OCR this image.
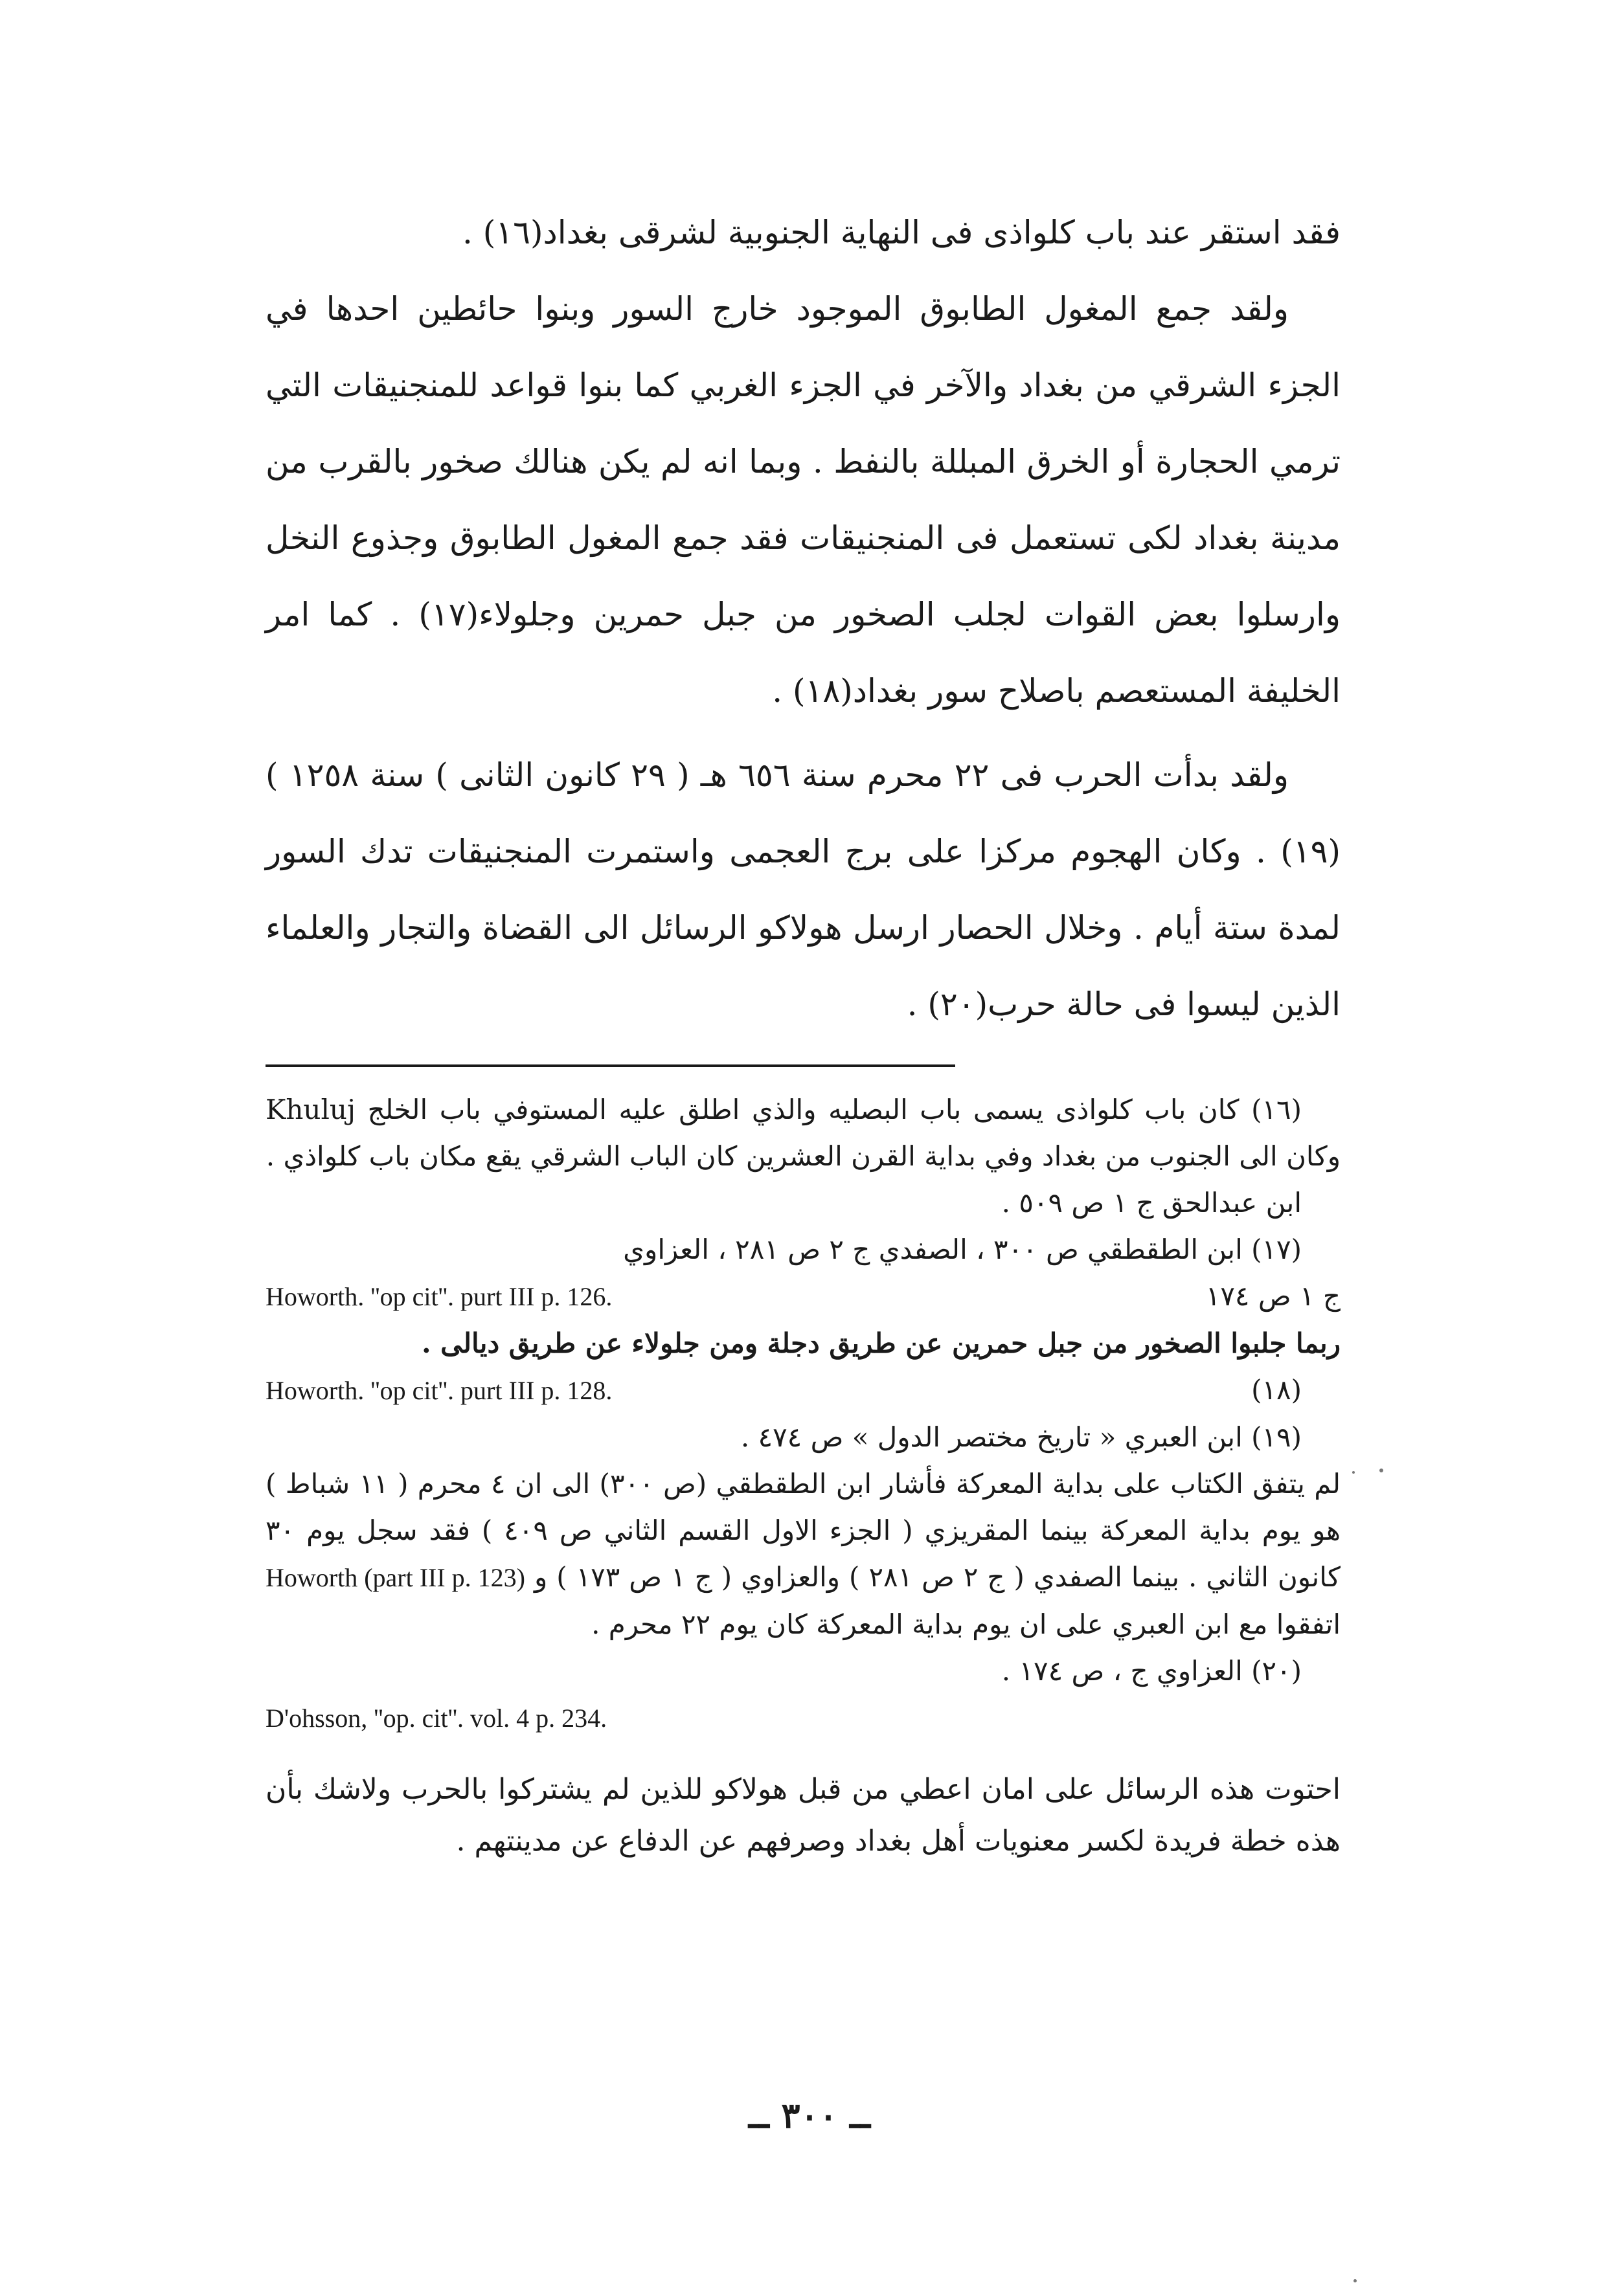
فقد استقر عند باب كلواذى فى النهاية الجنوبية لشرقى بغداد(١٦) .

ولقد جمع المغول الطابوق الموجود خارج السور وبنوا حائطين احدها في الجزء الشرقي من بغداد والآخر في الجزء الغربي كما بنوا قواعد للمنجنيقات التي ترمي الحجارة أو الخرق المبللة بالنفط . وبما انه لم يكن هنالك صخور بالقرب من مدينة بغداد لكى تستعمل فى المنجنيقات فقد جمع المغول الطابوق وجذوع النخل وارسلوا بعض القوات لجلب الصخور من جبل حمرين وجلولاء(١٧) . كما امر الخليفة المستعصم باصلاح سور بغداد(١٨) .

ولقد بدأت الحرب فى ٢٢ محرم سنة ٦٥٦ هـ ( ٢٩ كانون الثانى ) سنة ١٢٥٨ )(١٩) . وكان الهجوم مركزا على برج العجمى واستمرت المنجنيقات تدك السور لمدة ستة أيام . وخلال الحصار ارسل هولاكو الرسائل الى القضاة والتجار والعلماء الذين ليسوا فى حالة حرب(٢٠) .

(١٦) كان باب كلواذى يسمى باب البصليه والذي اطلق عليه المستوفي باب الخلج Khuluj وكان الى الجنوب من بغداد وفي بداية القرن العشرين كان الباب الشرقي يقع مكان باب كلواذي .

ابن عبدالحق ج ١ ص ٥٠٩ .

(١٧) ابن الطقطقي ص ٣٠٠ ، الصفدي ج ٢ ص ٢٨١ ، العزاوي

ج ١ ص ١٧٤
Howorth. ''op cit''. purt III p. 126.

ربما جلبوا الصخور من جبل حمرين عن طريق دجلة ومن جلولاء عن طريق ديالى .

(١٨)
Howorth. ''op cit''. purt III p. 128.

(١٩) ابن العبري « تاريخ مختصر الدول » ص ٤٧٤ .

لم يتفق الكتاب على بداية المعركة فأشار ابن الطقطقي (ص ٣٠٠) الى ان ٤ محرم ( ١١ شباط ) هو يوم بداية المعركة بينما المقريزي ( الجزء الاول القسم الثاني ص ٤٠٩ ) فقد سجل يوم ٣٠ كانون الثاني . بينما الصفدي ( ج ٢ ص ٢٨١ ) والعزاوي ( ج ١ ص ١٧٣ ) و Howorth (part III p. 123) اتفقوا مع ابن العبري على ان يوم بداية المعركة كان يوم ٢٢ محرم .

(٢٠) العزاوي ج ، ص ١٧٤ .

D'ohsson, ''op. cit''. vol. 4 p. 234.

احتوت هذه الرسائل على امان اعطي من قبل هولاكو للذين لم يشتركوا بالحرب ولاشك بأن هذه خطة فريدة لكسر معنويات أهل بغداد وصرفهم عن الدفاع عن مدينتهم .

ــ ٣٠٠ ــ
